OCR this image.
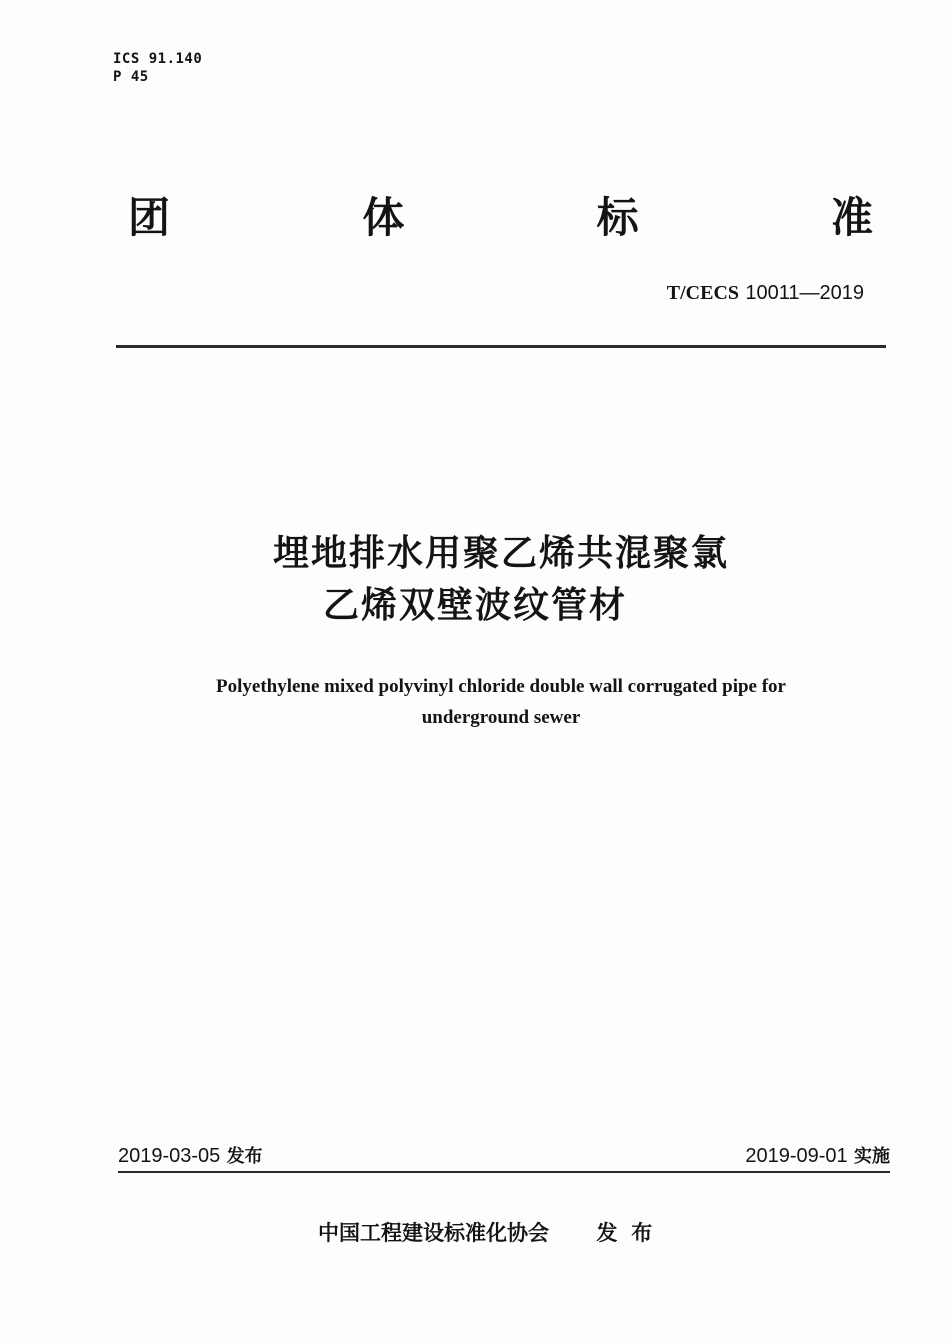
ICS 91.140
P 45
团	体	标	准
T/CECS 10011—2019
埋地排水用聚乙烯共混聚氯
乙烯双壁波纹管材
Polyethylene mixed polyvinyl chloride double wall corrugated pipe for
underground sewer
2019-03-05 发布	2019-09-01 实施
中国工程建设标准化协会 发布
